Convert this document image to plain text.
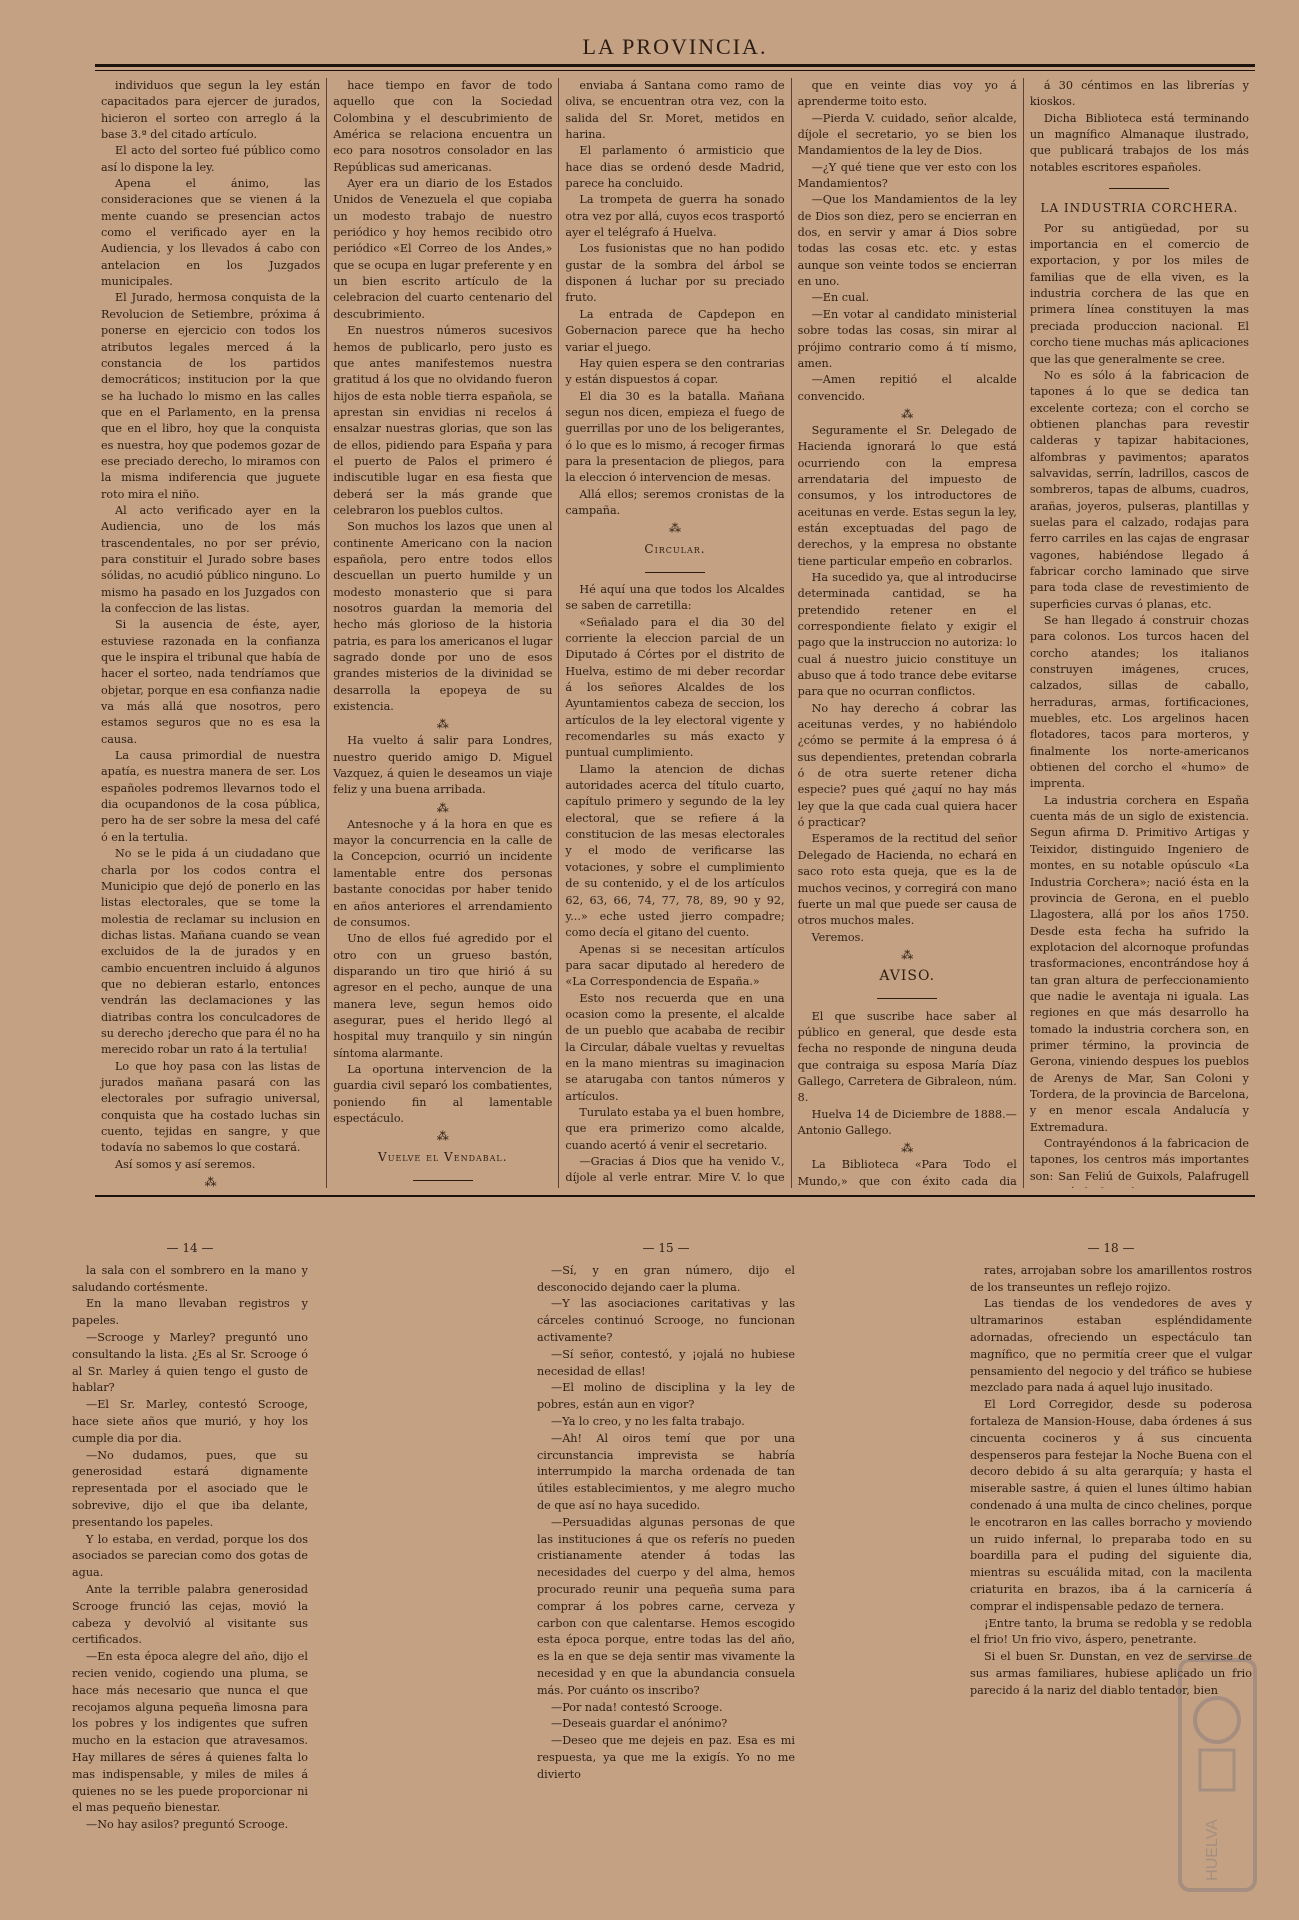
LA PROVINCIA.

individuos que segun la ley están capacitados para ejercer de jurados, hicieron el sorteo con arreglo á la base 3.ª del citado artículo.

El acto del sorteo fué público como así lo dispone la ley.

Apena el ánimo, las consideraciones que se vienen á la mente cuando se presencian actos como el verificado ayer en la Audiencia, y los llevados á cabo con antelacion en los Juzgados municipales.

El Jurado, hermosa conquista de la Revolucion de Setiembre, próxima á ponerse en ejercicio con todos los atributos legales merced á la constancia de los partidos democráticos; institucion por la que se ha luchado lo mismo en las calles que en el Parlamento, en la prensa que en el libro, hoy que la conquista es nuestra, hoy que podemos gozar de ese preciado derecho, lo miramos con la misma indiferencia que juguete roto mira el niño.

Al acto verificado ayer en la Audiencia, uno de los más trascendentales, no por ser prévio, para constituir el Jurado sobre bases sólidas, no acudió público ninguno. Lo mismo ha pasado en los Juzgados con la confeccion de las listas.

Si la ausencia de éste, ayer, estuviese razonada en la confianza que le inspira el tribunal que había de hacer el sorteo, nada tendríamos que objetar, porque en esa confianza nadie va más allá que nosotros, pero estamos seguros que no es esa la causa.

La causa primordial de nuestra apatía, es nuestra manera de ser. Los españoles podremos llevarnos todo el dia ocupandonos de la cosa pública, pero ha de ser sobre la mesa del café ó en la tertulia.

No se le pida á un ciudadano que charla por los codos contra el Municipio que dejó de ponerlo en las listas electorales, que se tome la molestia de reclamar su inclusion en dichas listas. Mañana cuando se vean excluidos de la de jurados y en cambio encuentren incluido á algunos que no debieran estarlo, entonces vendrán las declamaciones y las diatribas contra los conculcadores de su derecho ¡derecho que para él no ha merecido robar un rato á la tertulia!

Lo que hoy pasa con las listas de jurados mañana pasará con las electorales por sufragio universal, conquista que ha costado luchas sin cuento, tejidas en sangre, y que todavía no sabemos lo que costará.

Así somos y así seremos.

⁂

hace tiempo en favor de todo aquello que con la Sociedad Colombina y el descubrimiento de América se relaciona encuentra un eco para nosotros consolador en las Repúblicas sud americanas.

Ayer era un diario de los Estados Unidos de Venezuela el que copiaba un modesto trabajo de nuestro periódico y hoy hemos recibido otro periódico «El Correo de los Andes,» que se ocupa en lugar preferente y en un bien escrito artículo de la celebracion del cuarto centenario del descubrimiento.

En nuestros números sucesivos hemos de publicarlo, pero justo es que antes manifestemos nuestra gratitud á los que no olvidando fueron hijos de esta noble tierra española, se aprestan sin envidias ni recelos á ensalzar nuestras glorias, que son las de ellos, pidiendo para España y para el puerto de Palos el primero é indiscutible lugar en esa fiesta que deberá ser la más grande que celebraron los pueblos cultos.

Son muchos los lazos que unen al continente Americano con la nacion española, pero entre todos ellos descuellan un puerto humilde y un modesto monasterio que si para nosotros guardan la memoria del hecho más glorioso de la historia patria, es para los americanos el lugar sagrado donde por uno de esos grandes misterios de la divinidad se desarrolla la epopeya de su existencia.

⁂

Ha vuelto á salir para Londres, nuestro querido amigo D. Miguel Vazquez, á quien le deseamos un viaje feliz y una buena arribada.

⁂

Antesnoche y á la hora en que es mayor la concurrencia en la calle de la Concepcion, ocurrió un incidente lamentable entre dos personas bastante conocidas por haber tenido en años anteriores el arrendamiento de consumos.

Uno de ellos fué agredido por el otro con un grueso bastón, disparando un tiro que hirió á su agresor en el pecho, aunque de una manera leve, segun hemos oido asegurar, pues el herido llegó al hospital muy tranquilo y sin ningún síntoma alarmante.

La oportuna intervencion de la guardia civil separó los combatientes, poniendo fin al lamentable espectáculo.

⁂
Vuelve el Vendabal.

enviaba á Santana como ramo de oliva, se encuentran otra vez, con la salida del Sr. Moret, metidos en harina.

El parlamento ó armisticio que hace dias se ordenó desde Madrid, parece ha concluido.

La trompeta de guerra ha sonado otra vez por allá, cuyos ecos trasportó ayer el telégrafo á Huelva.

Los fusionistas que no han podido gustar de la sombra del árbol se disponen á luchar por su preciado fruto.

La entrada de Capdepon en Gobernacion parece que ha hecho variar el juego.

Hay quien espera se den contrarias y están dispuestos á copar.

El dia 30 es la batalla. Mañana segun nos dicen, empieza el fuego de guerrillas por uno de los beligerantes, ó lo que es lo mismo, á recoger firmas para la presentacion de pliegos, para la eleccion ó intervencion de mesas.

Allá ellos; seremos cronistas de la campaña.

⁂
Circular.

Hé aquí una que todos los Alcaldes se saben de carretilla:

«Señalado para el dia 30 del corriente la eleccion parcial de un Diputado á Córtes por el distrito de Huelva, estimo de mi deber recordar á los señores Alcaldes de los Ayuntamientos cabeza de seccion, los artículos de la ley electoral vigente y recomendarles su más exacto y puntual cumplimiento.

Llamo la atencion de dichas autoridades acerca del título cuarto, capítulo primero y segundo de la ley electoral, que se refiere á la constitucion de las mesas electorales y el modo de verificarse las votaciones, y sobre el cumplimiento de su contenido, y el de los artículos 62, 63, 66, 74, 77, 78, 89, 90 y 92, y...» eche usted jierro compadre; como decía el gitano del cuento.

Apenas si se necesitan artículos para sacar diputado al heredero de «La Correspondencia de España.»

Esto nos recuerda que en una ocasion como la presente, el alcalde de un pueblo que acababa de recibir la Circular, dábale vueltas y revueltas en la mano mientras su imaginacion se atarugaba con tantos números y artículos.

Turulato estaba ya el buen hombre, que era primerizo como alcalde, cuando acertó á venir el secretario.

—Gracias á Dios que ha venido V., díjole al verle entrar. Mire V. lo que

que en veinte dias voy yo á aprenderme toito esto.

—Pierda V. cuidado, señor alcalde, díjole el secretario, yo se bien los Mandamientos de la ley de Dios.

—¿Y qué tiene que ver esto con los Mandamientos?

—Que los Mandamientos de la ley de Dios son diez, pero se encierran en dos, en servir y amar á Dios sobre todas las cosas etc. etc. y estas aunque son veinte todos se encierran en uno.

—En cual.

—En votar al candidato ministerial sobre todas las cosas, sin mirar al prójimo contrario como á tí mismo, amen.

—Amen repitió el alcalde convencido.

⁂

Seguramente el Sr. Delegado de Hacienda ignorará lo que está ocurriendo con la empresa arrendataria del impuesto de consumos, y los introductores de aceitunas en verde. Estas segun la ley, están exceptuadas del pago de derechos, y la empresa no obstante tiene particular empeño en cobrarlos.

Ha sucedido ya, que al introducirse determinada cantidad, se ha pretendido retener en el correspondiente fielato y exigir el pago que la instruccion no autoriza: lo cual á nuestro juicio constituye un abuso que á todo trance debe evitarse para que no ocurran conflictos.

No hay derecho á cobrar las aceitunas verdes, y no habiéndolo ¿cómo se permite á la empresa ó á sus dependientes, pretendan cobrarla ó de otra suerte retener dicha especie? pues qué ¿aquí no hay más ley que la que cada cual quiera hacer ó practicar?

Esperamos de la rectitud del señor Delegado de Hacienda, no echará en saco roto esta queja, que es la de muchos vecinos, y corregirá con mano fuerte un mal que puede ser causa de otros muchos males.

Veremos.

⁂
AVISO.

El que suscribe hace saber al público en general, que desde esta fecha no responde de ninguna deuda que contraiga su esposa María Díaz Gallego, Carretera de Gibraleon, núm. 8.

Huelva 14 de Diciembre de 1888.—Antonio Gallego.

⁂

La Biblioteca «Para Todo el Mundo,» que con éxito cada dia

á 30 céntimos en las librerías y kioskos.

Dicha Biblioteca está terminando un magnífico Almanaque ilustrado, que publicará trabajos de los más notables escritores españoles.

LA INDUSTRIA CORCHERA.

Por su antigüedad, por su importancia en el comercio de exportacion, y por los miles de familias que de ella viven, es la industria corchera de las que en primera línea constituyen la mas preciada produccion nacional. El corcho tiene muchas más aplicaciones que las que generalmente se cree.

No es sólo á la fabricacion de tapones á lo que se dedica tan excelente corteza; con el corcho se obtienen planchas para revestir calderas y tapizar habitaciones, alfombras y pavimentos; aparatos salvavidas, serrín, ladrillos, cascos de sombreros, tapas de albums, cuadros, arañas, joyeros, pulseras, plantillas y suelas para el calzado, rodajas para ferro carriles en las cajas de engrasar vagones, habiéndose llegado á fabricar corcho laminado que sirve para toda clase de revestimiento de superficies curvas ó planas, etc.

Se han llegado á construir chozas para colonos. Los turcos hacen del corcho atandes; los italianos construyen imágenes, cruces, calzados, sillas de caballo, herraduras, armas, fortificaciones, muebles, etc. Los argelinos hacen flotadores, tacos para morteros, y finalmente los norte-americanos obtienen del corcho el «humo» de imprenta.

La industria corchera en España cuenta más de un siglo de existencia. Segun afirma D. Primitivo Artigas y Teixidor, distinguido Ingeniero de montes, en su notable opúsculo «La Industria Corchera»; nació ésta en la provincia de Gerona, en el pueblo Llagostera, allá por los años 1750. Desde esta fecha ha sufrido la explotacion del alcornoque profundas trasformaciones, encontrándose hoy á tan gran altura de perfeccionamiento que nadie le aventaja ni iguala. Las regiones en que más desarrollo ha tomado la industria corchera son, en primer término, la provincia de Gerona, viniendo despues los pueblos de Arenys de Mar, San Coloni y Tordera, de la provincia de Barcelona, y en menor escala Andalucía y Extremadura.

Contrayéndonos á la fabricacion de tapones, los centros más importantes son: San Feliú de Guixols, Palafrugell

— 14 —

la sala con el sombrero en la mano y saludando cortésmente.

En la mano llevaban registros y papeles.

—Scrooge y Marley? preguntó uno consultando la lista. ¿Es al Sr. Scrooge ó al Sr. Marley á quien tengo el gusto de hablar?

—El Sr. Marley, contestó Scrooge, hace siete años que murió, y hoy los cumple dia por dia.

—No dudamos, pues, que su generosidad estará dignamente representada por el asociado que le sobrevive, dijo el que iba delante, presentando los papeles.

Y lo estaba, en verdad, porque los dos asociados se parecian como dos gotas de agua.

Ante la terrible palabra generosidad Scrooge frunció las cejas, movió la cabeza y devolvió al visitante sus certificados.

—En esta época alegre del año, dijo el recien venido, cogiendo una pluma, se hace más necesario que nunca el que recojamos alguna pequeña limosna para los pobres y los indigentes que sufren mucho en la estacion que atravesamos. Hay millares de séres á quienes falta lo mas indispensable, y miles de miles á quienes no se les puede proporcionar ni el mas pequeño bienestar.

—No hay asilos? preguntó Scrooge.

— 15 —

—Sí, y en gran número, dijo el desconocido dejando caer la pluma.

—Y las asociaciones caritativas y las cárceles continuó Scrooge, no funcionan activamente?

—Sí señor, contestó, y ¡ojalá no hubiese necesidad de ellas!

—El molino de disciplina y la ley de pobres, están aun en vigor?

—Ya lo creo, y no les falta trabajo.

—Ah! Al oiros temí que por una circunstancia imprevista se habría interrumpido la marcha ordenada de tan útiles establecimientos, y me alegro mucho de que así no haya sucedido.

—Persuadidas algunas personas de que las instituciones á que os referís no pueden cristianamente atender á todas las necesidades del cuerpo y del alma, hemos procurado reunir una pequeña suma para comprar á los pobres carne, cerveza y carbon con que calentarse. Hemos escogido esta época porque, entre todas las del año, es la en que se deja sentir mas vivamente la necesidad y en que la abundancia consuela más. Por cuánto os inscribo?

—Por nada! contestó Scrooge.

—Deseais guardar el anónimo?

—Deseo que me dejeis en paz. Esa es mi respuesta, ya que me la exigís. Yo no me divierto

— 18 —

rates, arrojaban sobre los amarillentos rostros de los transeuntes un reflejo rojizo.

Las tiendas de los vendedores de aves y ultramarinos estaban espléndidamente adornadas, ofreciendo un espectáculo tan magnífico, que no permitía creer que el vulgar pensamiento del negocio y del tráfico se hubiese mezclado para nada á aquel lujo inusitado.

El Lord Corregidor, desde su poderosa fortaleza de Mansion-House, daba órdenes á sus cincuenta cocineros y á sus cincuenta despenseros para festejar la Noche Buena con el decoro debido á su alta gerarquía; y hasta el miserable sastre, á quien el lunes último habian condenado á una multa de cinco chelines, porque le encotraron en las calles borracho y moviendo un ruido infernal, lo preparaba todo en su boardilla para el puding del siguiente dia, mientras su escuálida mitad, con la macilenta criaturita en brazos, iba á la carnicería á comprar el indispensable pedazo de ternera.

¡Entre tanto, la bruma se redobla y se redobla el frio! Un frio vivo, áspero, penetrante.

Si el buen Sr. Dunstan, en vez de servirse de sus armas familiares, hubiese aplicado un frio parecido á la nariz del diablo tentador, bien

HUELVA
